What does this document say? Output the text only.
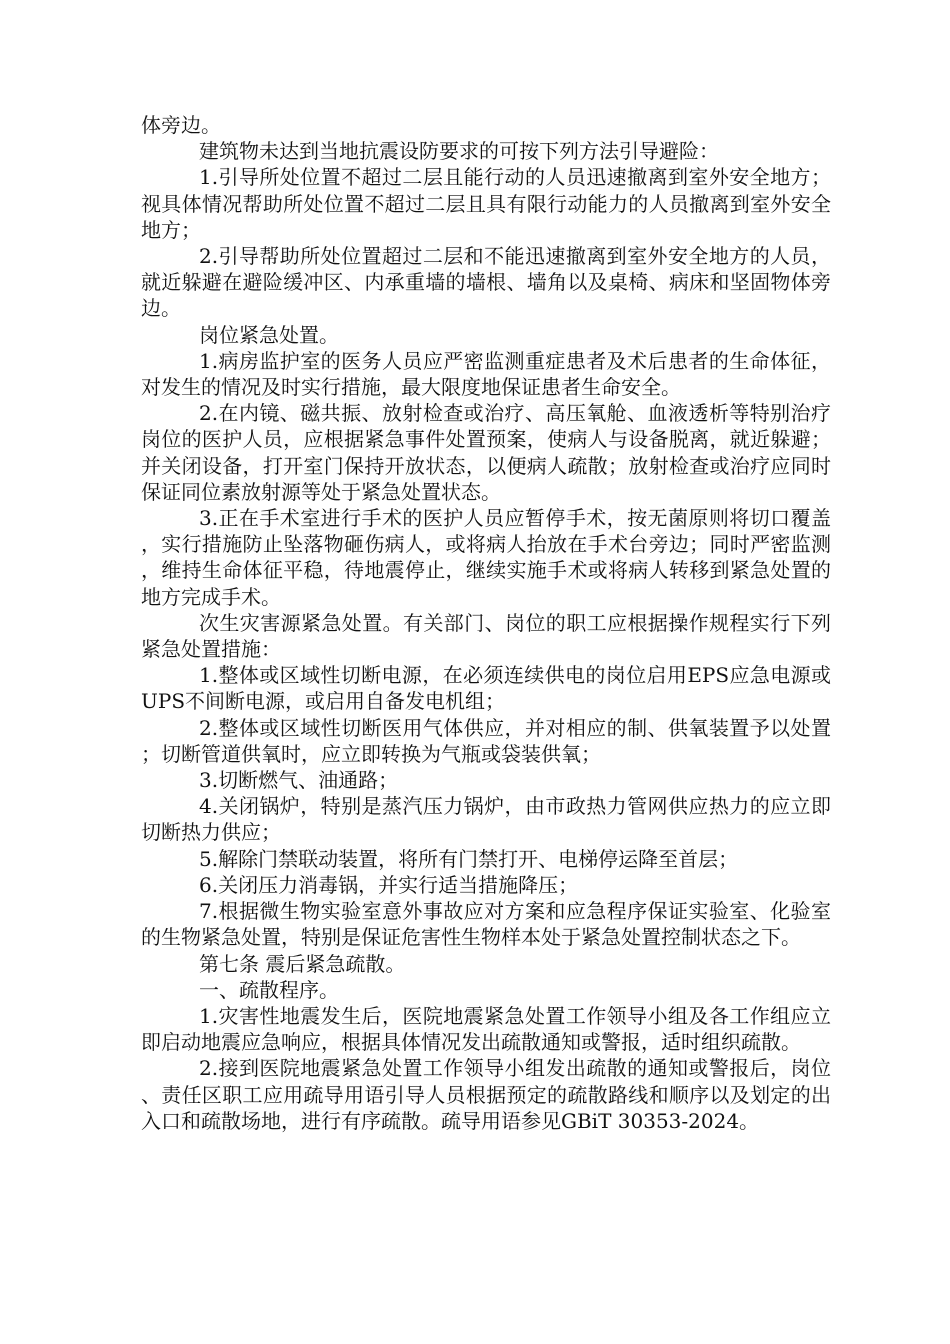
体旁边。

建筑物未达到当地抗震设防要求的可按下列方法引导避险：

1.引导所处位置不超过二层且能行动的人员迅速撤离到室外安全地方；视具体情况帮助所处位置不超过二层且具有限行动能力的人员撤离到室外安全地方；

2.引导帮助所处位置超过二层和不能迅速撤离到室外安全地方的人员，就近躲避在避险缓冲区、内承重墙的墙根、墙角以及桌椅、病床和坚固物体旁边。

岗位紧急处置。

1.病房监护室的医务人员应严密监测重症患者及术后患者的生命体征，对发生的情况及时实行措施，最大限度地保证患者生命安全。

2.在内镜、磁共振、放射检查或治疗、高压氧舱、血液透析等特别治疗岗位的医护人员，应根据紧急事件处置预案，使病人与设备脱离，就近躲避；并关闭设备，打开室门保持开放状态，以便病人疏散；放射检查或治疗应同时保证同位素放射源等处于紧急处置状态。

3.正在手术室进行手术的医护人员应暂停手术，按无菌原则将切口覆盖，实行措施防止坠落物砸伤病人，或将病人抬放在手术台旁边；同时严密监测，维持生命体征平稳，待地震停止，继续实施手术或将病人转移到紧急处置的地方完成手术。

次生灾害源紧急处置。有关部门、岗位的职工应根据操作规程实行下列紧急处置措施：

1.整体或区域性切断电源，在必须连续供电的岗位启用EPS应急电源或UPS不间断电源，或启用自备发电机组；

2.整体或区域性切断医用气体供应，并对相应的制、供氧装置予以处置；切断管道供氧时，应立即转换为气瓶或袋装供氧；

3.切断燃气、油通路；

4.关闭锅炉，特别是蒸汽压力锅炉，由市政热力管网供应热力的应立即切断热力供应；

5.解除门禁联动装置，将所有门禁打开、电梯停运降至首层；

6.关闭压力消毒锅，并实行适当措施降压；

7.根据微生物实验室意外事故应对方案和应急程序保证实验室、化验室的生物紧急处置，特别是保证危害性生物样本处于紧急处置控制状态之下。

第七条 震后紧急疏散。

一、疏散程序。

1.灾害性地震发生后，医院地震紧急处置工作领导小组及各工作组应立即启动地震应急响应，根据具体情况发出疏散通知或警报，适时组织疏散。

2.接到医院地震紧急处置工作领导小组发出疏散的通知或警报后，岗位、责任区职工应用疏导用语引导人员根据预定的疏散路线和顺序以及划定的出入口和疏散场地，进行有序疏散。疏导用语参见GBiT 30353-2024。
